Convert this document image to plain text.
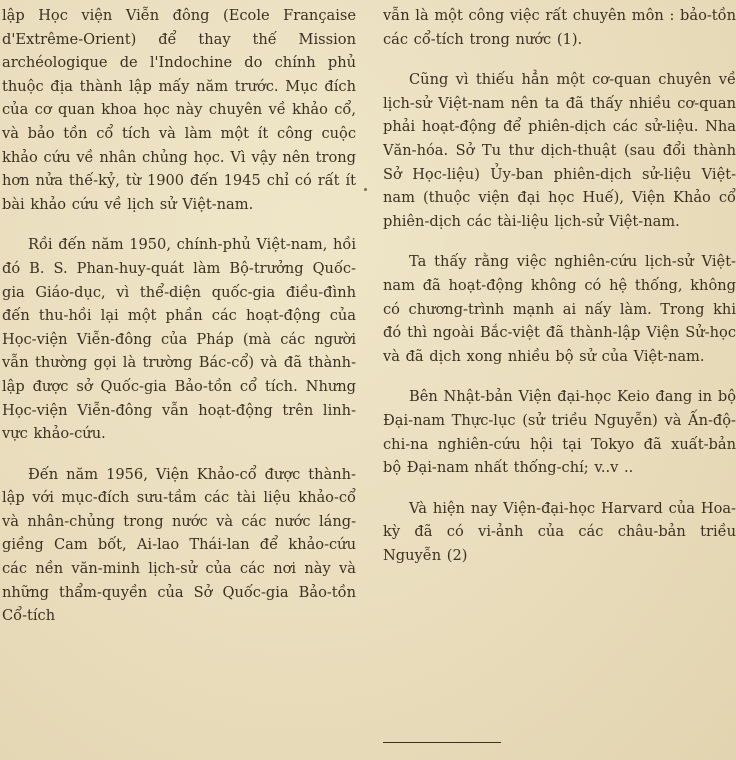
lập Học viện Viễn đông (Ecole Française d'Extrême-Orient) để thay thế Mission archéologique de l'Indochine do chính phủ thuộc địa thành lập mấy năm trước. Mục đích của cơ quan khoa học này chuyên về khảo cổ, và bảo tồn cổ tích và làm một ít công cuộc khảo cứu về nhân chủng học. Vì vậy nên trong hơn nửa thế-kỷ, từ 1900 đến 1945 chỉ có rất ít bài khảo cứu về lịch sử Việt-nam.

Rồi đến năm 1950, chính-phủ Việt-nam, hồi đó B. S. Phan-huy-quát làm Bộ-trưởng Quốc-gia Giáo-dục, vì thể-diện quốc-gia điều-đình đến thu-hồi lại một phần các hoạt-động của Học-viện Viễn-đông của Pháp (mà các người vẫn thường gọi là trường Bác-cổ) và đã thành-lập được sở Quốc-gia Bảo-tồn cổ tích. Nhưng Học-viện Viễn-đông vẫn hoạt-động trên linh-vực khảo-cứu.

Đến năm 1956, Viện Khảo-cổ được thành-lập với mục-đích sưu-tầm các tài liệu khảo-cổ và nhân-chủng trong nước và các nước láng-giềng Cam bốt, Ai-lao Thái-lan để khảo-cứu các nền văn-minh lịch-sử của các nơi này và những thẩm-quyền của Sở Quốc-gia Bảo-tồn Cổ-tích

vẫn là một công việc rất chuyên môn : bảo-tồn các cổ-tích trong nước (1).

Cũng vì thiếu hẳn một cơ-quan chuyên về lịch-sử Việt-nam nên ta đã thấy nhiều cơ-quan phải hoạt-động để phiên-dịch các sử-liệu. Nha Văn-hóa. Sở Tu thư dịch-thuật (sau đổi thành Sở Học-liệu) Ủy-ban phiên-dịch sử-liệu Việt-nam (thuộc viện đại học Huế), Viện Khảo cổ phiên-dịch các tài-liệu lịch-sử Việt-nam.

Ta thấy rằng việc nghiên-cứu lịch-sử Việt-nam đã hoạt-động không có hệ thống, không có chương-trình mạnh ai nấy làm. Trong khi đó thì ngoài Bắc-việt đã thành-lập Viện Sử-học và đã dịch xong nhiều bộ sử của Việt-nam.

Bên Nhật-bản Viện đại-học Keio đang in bộ Đại-nam Thực-lục (sử triều Nguyễn) và Ấn-độ-chi-na nghiên-cứu hội tại Tokyo đã xuất-bản bộ Đại-nam nhất thống-chí; v..v ..

Và hiện nay Viện-đại-học Harvard của Hoa-kỳ đã có vi-ảnh của các châu-bản triều Nguyễn (2)
